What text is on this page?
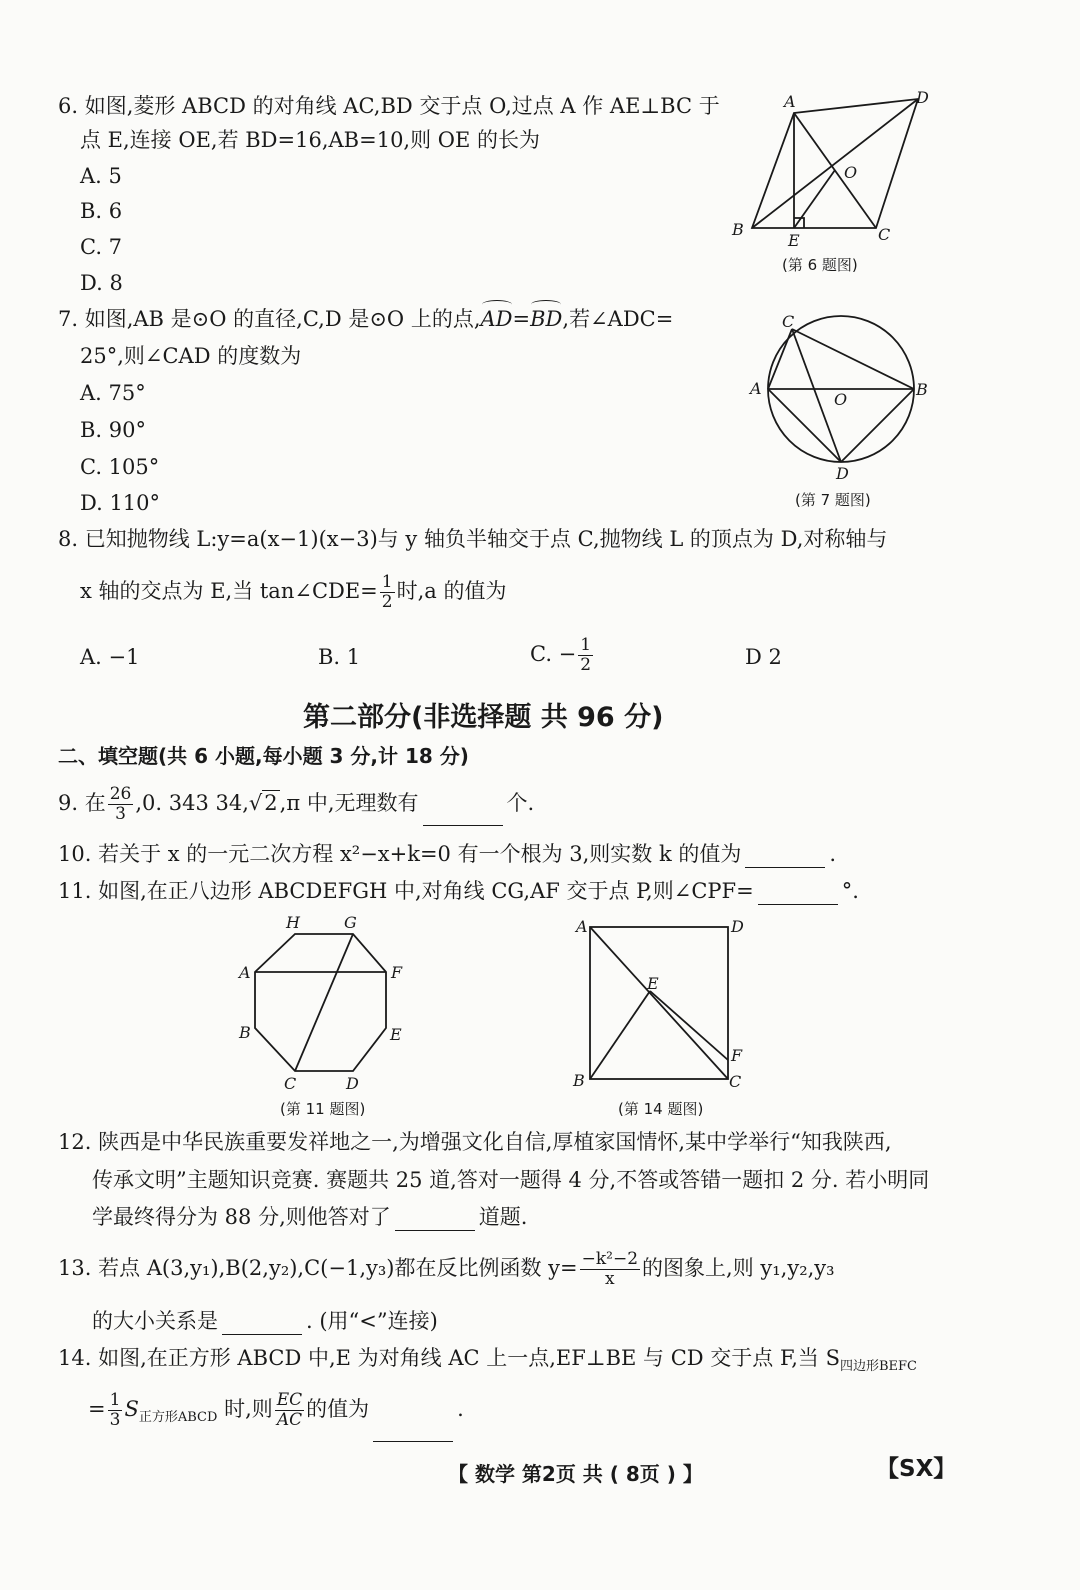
6. 如图,菱形 ABCD 的对角线 AC,BD 交于点 O,过点 A 作 AE⊥BC 于
点 E,连接 OE,若 BD=16,AB=10,则 OE 的长为
A. 5
B. 6
C. 7
D. 8
A	D
O
B
E	C
(第 6 题图)
7. 如图,AB 是⊙O 的直径,C,D 是⊙O 上的点,AD=BD,若∠ADC=
25°,则∠CAD 的度数为
A. 75°
B. 90°
C. 105°
D. 110°
C
A	B
O
D
(第 7 题图)
8. 已知抛物线 L:y=a(x−1)(x−3)与 y 轴负半轴交于点 C,抛物线 L 的顶点为 D,对称轴与
x 轴的交点为 E,当 tan∠CDE= $\frac{1}{2}$ 时,a 的值为
A. −1	B. 1	C. − $\frac{1}{2}$	D 2
第二部分(非选择题 共 96 分)
二、填空题(共 6 小题,每小题 3 分,计 18 分)
9. 在 $\frac{26}{3} ,0$. 343 34,√2,π 中,无理数有	个.
10. 若关于 x 的一元二次方程 x²−x+k=0 有一个根为 3,则实数 k 的值为	.
11. 如图,在正八边形 ABCDEFGH 中,对角线 CG,AF 交于点 P,则∠CPF=	°.
H	G
A	F
B	E
C	D
(第 11 题图)
A	D
E
F
B	C
(第 14 题图)
12. 陕西是中华民族重要发祥地之一,为增强文化自信,厚植家国情怀,某中学举行“知我陕西,
传承文明”主题知识竞赛. 赛题共 25 道,答对一题得 4 分,不答或答错一题扣 2 分. 若小明同
学最终得分为 88 分,则他答对了	道题.
13. 若点 A(3,y₁),B(2,y₂),C(−1,y₃)都在反比例函数 $y= \frac{\text{−k²−2}}{x}$ 的图象上,则 y₁,y₂,y₃
的大小关系是	. (用“<”连接)
14. 如图,在正方形 ABCD 中,E 为对角线 AC 上一点,EF⊥BE 与 CD 交于点 F,当 $S_{四边形BEFC}$
= $\frac{1}{3} S_{正方形ABCD}$ 时,则 $\frac{EC}{AC}$ 的值为	.
【 数学 第2页 共 ( 8页 ) 】	【SX】
